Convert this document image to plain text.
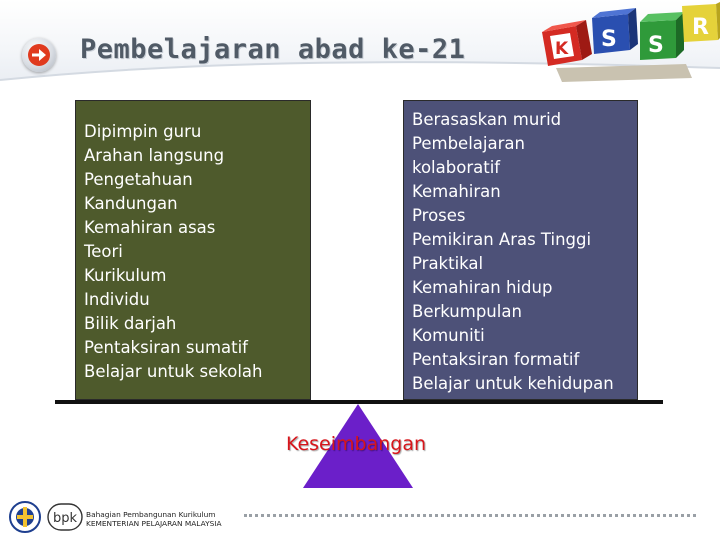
Pembelajaran abad ke-21	K S S
R
Dipimpin guru
Arahan langsung
Pengetahuan
Kandungan
Kemahiran asas
Teori
Kurikulum
Individu
Bilik darjah
Pentaksiran sumatif
Belajar untuk sekolah
Berasaskan murid
Pembelajaran
kolaboratif
Kemahiran
Proses
Pemikiran Aras Tinggi
Praktikal
Kemahiran hidup
Berkumpulan
Komuniti
Pentaksiran formatif
Belajar untuk kehidupan
Keseimbangan
bpk Bahagian Pembangunan Kurikulum
KEMENTERIAN PELAJARAN MALAYSIA
